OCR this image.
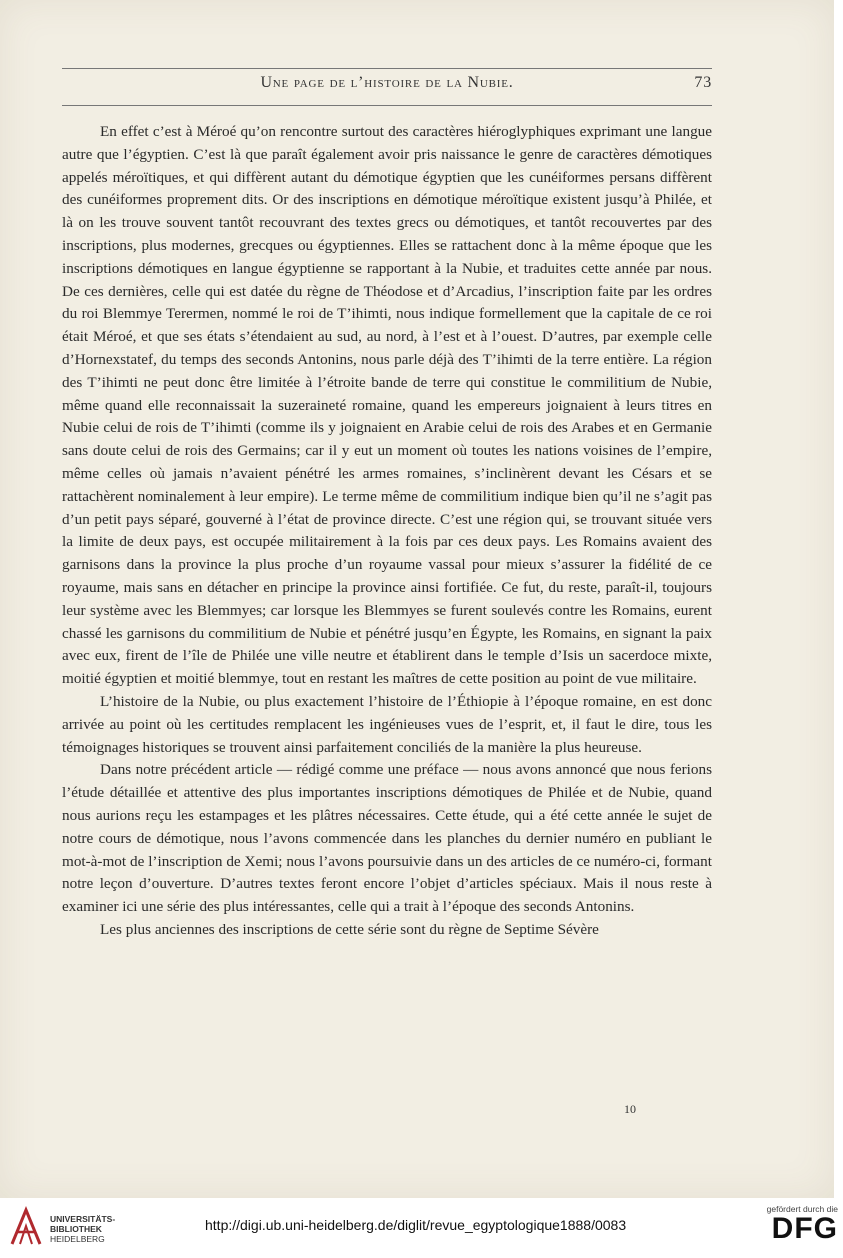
Une page de l’histoire de la Nubie.	73

En effet c’est à Méroé qu’on rencontre surtout des caractères hiéroglyphiques exprimant une langue autre que l’égyptien. C’est là que paraît également avoir pris naissance le genre de caractères démotiques appelés méroïtiques, et qui diffèrent autant du démotique égyptien que les cunéiformes persans diffèrent des cunéiformes proprement dits. Or des inscriptions en démotique méroïtique existent jusqu’à Philée, et là on les trouve souvent tantôt recouvrant des textes grecs ou démotiques, et tantôt recouvertes par des inscriptions, plus modernes, grecques ou égyptiennes. Elles se rattachent donc à la même époque que les inscriptions démotiques en langue égyptienne se rapportant à la Nubie, et traduites cette année par nous. De ces dernières, celle qui est datée du règne de Théodose et d’Arcadius, l’inscription faite par les ordres du roi Blemmye Terermen, nommé le roi de T’ihimti, nous indique formellement que la capitale de ce roi était Méroé, et que ses états s’étendaient au sud, au nord, à l’est et à l’ouest. D’autres, par exemple celle d’Hornexstatef, du temps des seconds Antonins, nous parle déjà des T’ihimti de la terre entière. La région des T’ihimti ne peut donc être limitée à l’étroite bande de terre qui constitue le commilitium de Nubie, même quand elle reconnaissait la suzeraineté romaine, quand les empereurs joignaient à leurs titres en Nubie celui de rois de T’ihimti (comme ils y joignaient en Arabie celui de rois des Arabes et en Germanie sans doute celui de rois des Germains; car il y eut un moment où toutes les nations voisines de l’empire, même celles où jamais n’avaient pénétré les armes romaines, s’inclinèrent devant les Césars et se rattachèrent nominalement à leur empire). Le terme même de commilitium indique bien qu’il ne s’agit pas d’un petit pays séparé, gouverné à l’état de province directe. C’est une région qui, se trouvant située vers la limite de deux pays, est occupée militairement à la fois par ces deux pays. Les Romains avaient des garnisons dans la province la plus proche d’un royaume vassal pour mieux s’assurer la fidélité de ce royaume, mais sans en détacher en principe la province ainsi fortifiée. Ce fut, du reste, paraît-il, toujours leur système avec les Blemmyes; car lorsque les Blemmyes se furent soulevés contre les Romains, eurent chassé les garnisons du commilitium de Nubie et pénétré jusqu’en Égypte, les Romains, en signant la paix avec eux, firent de l’île de Philée une ville neutre et établirent dans le temple d’Isis un sacerdoce mixte, moitié égyptien et moitié blemmye, tout en restant les maîtres de cette position au point de vue militaire.

L’histoire de la Nubie, ou plus exactement l’histoire de l’Éthiopie à l’époque romaine, en est donc arrivée au point où les certitudes remplacent les ingénieuses vues de l’esprit, et, il faut le dire, tous les témoignages historiques se trouvent ainsi parfaitement conciliés de la manière la plus heureuse.

Dans notre précédent article — rédigé comme une préface — nous avons annoncé que nous ferions l’étude détaillée et attentive des plus importantes inscriptions démotiques de Philée et de Nubie, quand nous aurions reçu les estampages et les plâtres nécessaires. Cette étude, qui a été cette année le sujet de notre cours de démotique, nous l’avons commencée dans les planches du dernier numéro en publiant le mot-à-mot de l’inscription de Xemi; nous l’avons poursuivie dans un des articles de ce numéro-ci, formant notre leçon d’ouverture. D’autres textes feront encore l’objet d’articles spéciaux. Mais il nous reste à examiner ici une série des plus intéressantes, celle qui a trait à l’époque des seconds Antonins.

Les plus anciennes des inscriptions de cette série sont du règne de Septime Sévère

10
UNIVERSITÄTS-
BIBLIOTHEK
HEIDELBERG
http://digi.ub.uni-heidelberg.de/diglit/revue_egyptologique1888/0083
gefördert durch die
DFG
